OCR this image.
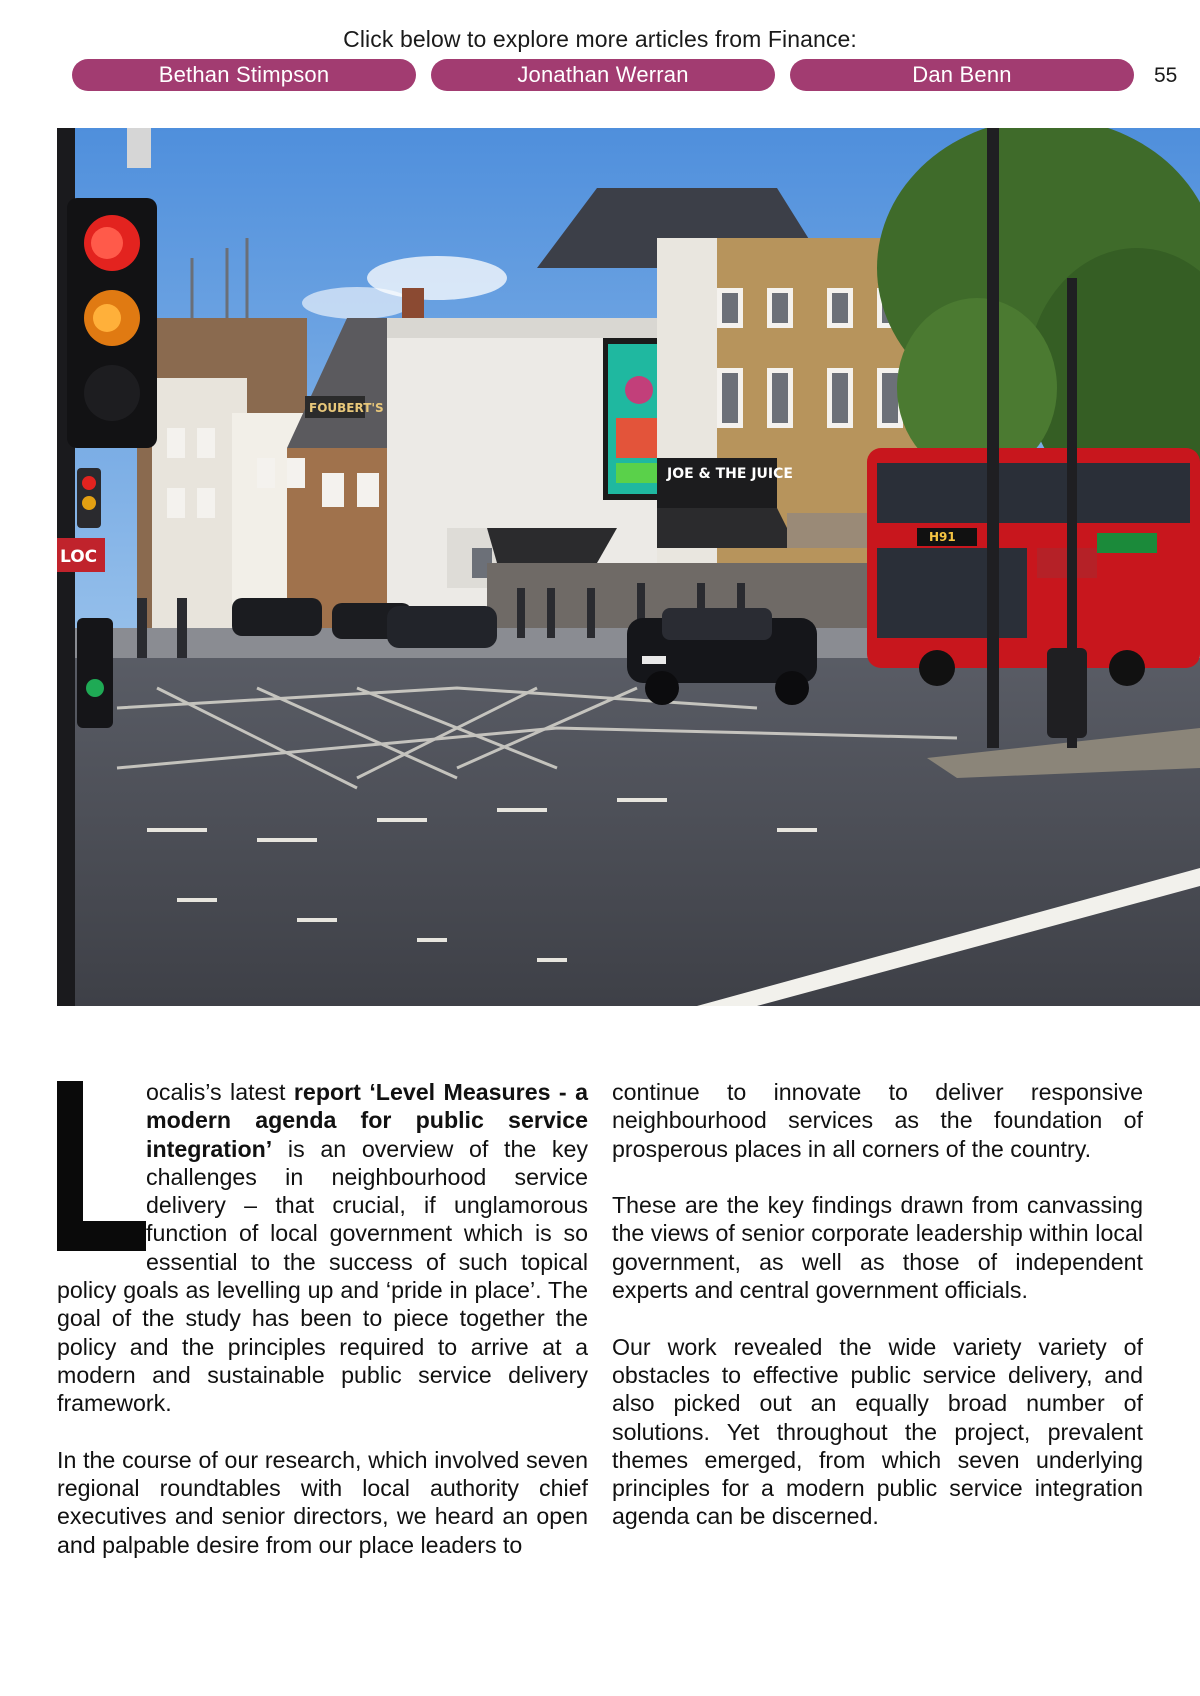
Click below to explore more articles from Finance:
Bethan Stimpson	Jonathan Werran	Dan Benn	55
FOUBERT'S
JOE & THE JUICE
H91
LOC

ocalis’s latest report ‘Level Measures - a modern agenda for public service integration’ is an overview of the key challenges in neighbourhood service delivery – that crucial, if unglamorous function of local government which is so essential to the success of such topical policy goals as levelling up and ‘pride in place’. The goal of the study has been to piece together the policy and the principles required to arrive at a modern and sustainable public service delivery framework.

In the course of our research, which involved seven regional roundtables with local authority chief executives and senior directors, we heard an open and palpable desire from our place leaders to

continue to innovate to deliver responsive neighbourhood services as the foundation of prosperous places in all corners of the country.

These are the key findings drawn from canvassing the views of senior corporate leadership within local government, as well as those of independent experts and central government officials.

Our work revealed the wide variety variety of obstacles to effective public service delivery, and also picked out an equally broad number of solutions. Yet throughout the project, prevalent themes emerged, from which seven underlying principles for a modern public service integration agenda can be discerned.
